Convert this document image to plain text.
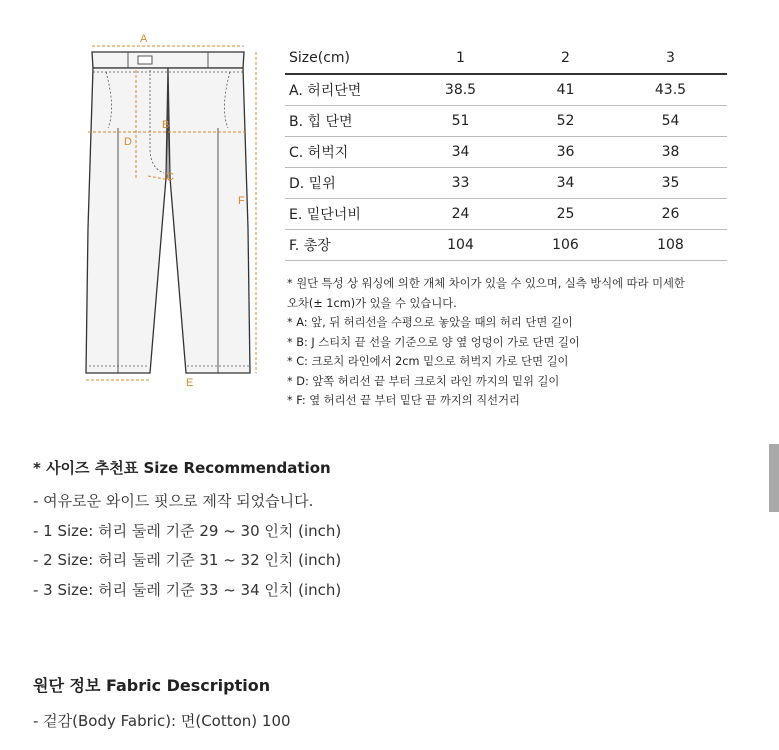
A
B
C
D
E
F
Size(cm)	1	2	3
A. 허리단면	38.5	41	43.5
B. 힙 단면	51	52	54
C. 허벅지	34	36	38
D. 밑위	33	34	35
E. 밑단너비	24	25	26
F. 총장	104	106	108
* 원단 특성 상 워싱에 의한 개체 차이가 있을 수 있으며, 실측 방식에 따라 미세한
오차(± 1cm)가 있을 수 있습니다.
* A: 앞, 뒤 허리선을 수평으로 놓았을 때의 허리 단면 길이
* B: J 스티치 끝 선을 기준으로 양 옆 엉덩이 가로 단면 길이
* C: 크로치 라인에서 2cm 밑으로 허벅지 가로 단면 길이
* D: 앞쪽 허리선 끝 부터 크로치 라인 까지의 밑위 길이
* F: 옆 허리선 끝 부터 밑단 끝 까지의 직선거리
* 사이즈 추천표 Size Recommendation
- 여유로운 와이드 핏으로 제작 되었습니다.
- 1 Size: 허리 둘레 기준 29 ~ 30 인치 (inch)
- 2 Size: 허리 둘레 기준 31 ~ 32 인치 (inch)
- 3 Size: 허리 둘레 기준 33 ~ 34 인치 (inch)
원단 정보 Fabric Description
- 겉감(Body Fabric): 면(Cotton) 100
